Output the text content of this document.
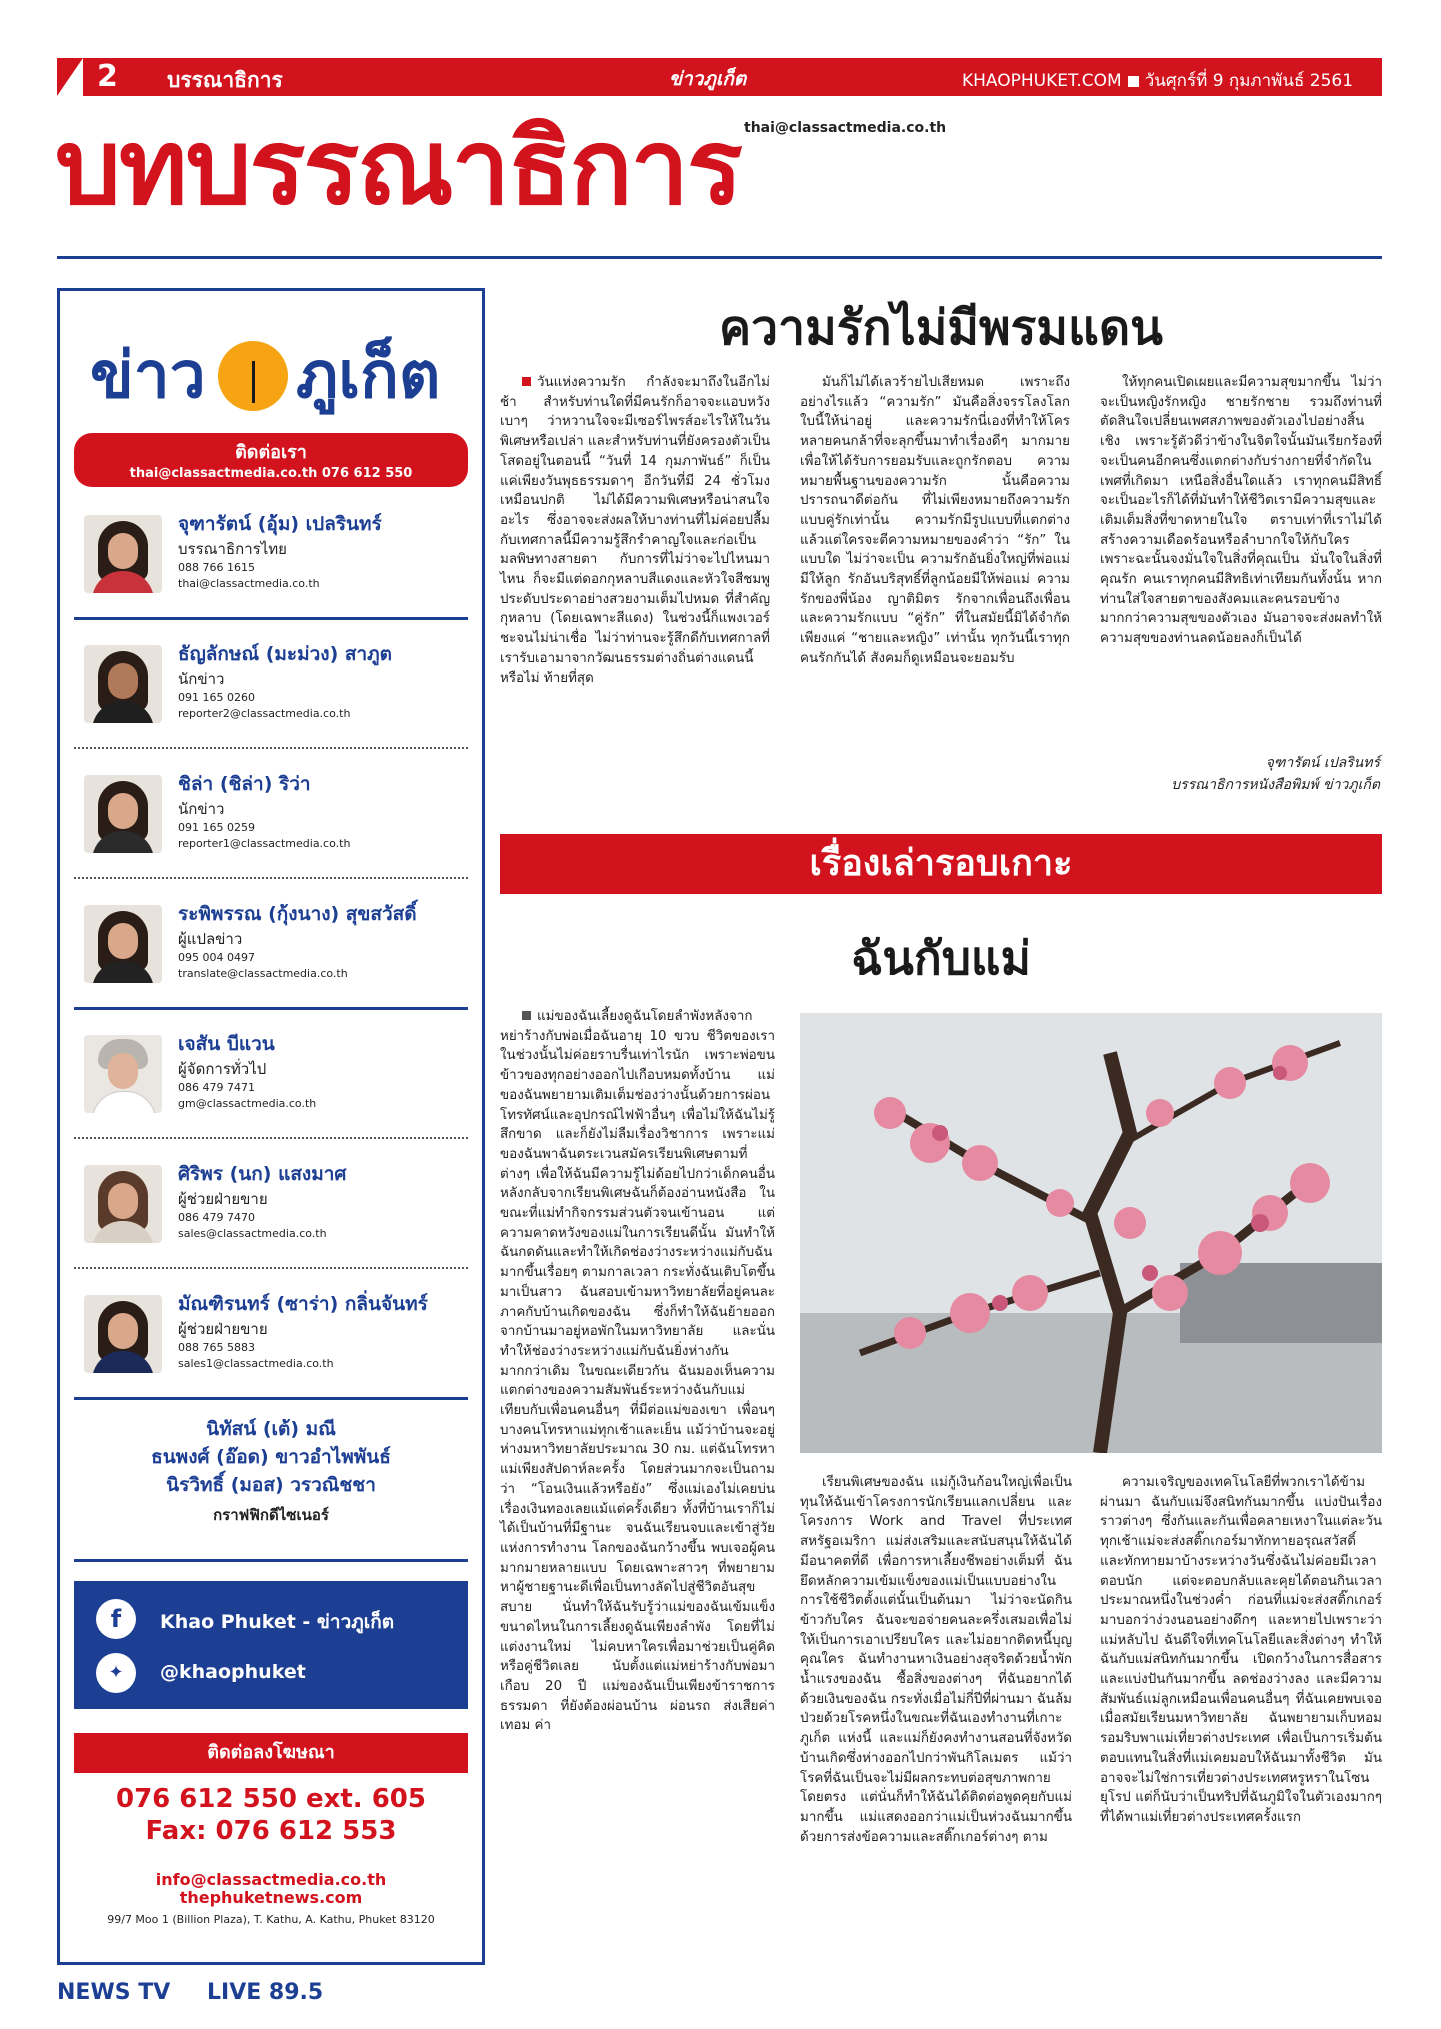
2 บรรณาธิการ	ข่าวภูเก็ต	KHAOPHUKET.COM วันศุกร์ที่ 9 กุมภาพันธ์ 2561
บทบรรณาธิการ thai@classactmedia.co.th
ข่าว ภูเก็ต
ติดต่อเรา
thai@classactmedia.co.th 076 612 550
จุฑารัตน์ (อุ้ม) เปลรินทร์
บรรณาธิการไทย
088 766 1615
thai@classactmedia.co.th
ธัญลักษณ์ (มะม่วง) สาภูต
นักข่าว
091 165 0260
reporter2@classactmedia.co.th
ชิล่า (ชิล่า) ริว่า
นักข่าว
091 165 0259
reporter1@classactmedia.co.th
ระพิพรรณ (กุ้งนาง) สุขสวัสดิ์
ผู้แปลข่าว
095 004 0497
translate@classactmedia.co.th
เจสัน บีแวน
ผู้จัดการทั่วไป
086 479 7471
gm@classactmedia.co.th
ศิริพร (นก) แสงมาศ
ผู้ช่วยฝ่ายขาย
086 479 7470
sales@classactmedia.co.th
มัณฑิรนทร์ (ซาร่า) กลิ่นจันทร์
ผู้ช่วยฝ่ายขาย
088 765 5883
sales1@classactmedia.co.th
นิทัสน์ (เต้) มณี
ธนพงศ์ (อ๊อด) ขาวอำไพพันธ์
นิรวิทธิ์ (มอส) วรวณิชชา
กราฟฟิกดีไซเนอร์
f	Khao Phuket - ข่าวภูเก็ต
✦	@khaophuket
ติดต่อลงโฆษณา
076 612 550 ext. 605
Fax: 076 612 553
info@classactmedia.co.th
thephuketnews.com
99/7 Moo 1 (Billion Plaza), T. Kathu, A. Kathu, Phuket 83120
NEWS TV LIVE 89.5
ความรักไม่มีพรมแดน

วันแห่งความรัก กำลังจะมาถึงในอีกไม่ช้า สำหรับท่านใดที่มีคนรักก็อาจจะแอบหวังเบาๆ ว่าหวานใจจะมีเซอร์ไพรส์อะไรให้ในวันพิเศษหรือเปล่า และสำหรับท่านที่ยังครองตัวเป็นโสดอยู่ในตอนนี้ “วันที่ 14 กุมภาพันธ์” ก็เป็นแค่เพียงวันพุธธรรมดาๆ อีกวันที่มี 24 ชั่วโมงเหมือนปกติ ไม่ได้มีความพิเศษหรือน่าสนใจอะไร ซึ่งอาจจะส่งผลให้บางท่านที่ไม่ค่อยปลื้มกับเทศกาลนี้มีความรู้สึกรำคาญใจและก่อเป็นมลพิษทางสายตา กับการที่ไม่ว่าจะไปไหนมาไหน ก็จะมีแต่ดอกกุหลาบสีแดงและหัวใจสีชมพูประดับประดาอย่างสวยงามเต็มไปหมด ที่สำคัญกุหลาบ (โดยเฉพาะสีแดง) ในช่วงนี้ก็แพงเวอร์ชะจนไม่น่าเชื่อ ไม่ว่าท่านจะรู้สึกดีกับเทศกาลที่เรารับเอามาจากวัฒนธรรมต่างถิ่นต่างแดนนี้หรือไม่ ท้ายที่สุด

มันก็ไม่ได้เลวร้ายไปเสียหมด เพราะถึงอย่างไรแล้ว “ความรัก” มันคือสิ่งจรรโลงโลกใบนี้ให้น่าอยู่ และความรักนี่เองที่ทำให้โครหลายคนกล้าที่จะลุกขึ้นมาทำเรื่องดีๆ มากมายเพื่อให้ได้รับการยอมรับและถูกรักตอบ ความหมายพื้นฐานของความรัก นั้นคือความปรารถนาดีต่อกัน ที่ไม่เพียงหมายถึงความรักแบบคู่รักเท่านั้น ความรักมีรูปแบบที่แตกต่างแล้วแต่ใครจะตีความหมายของคำว่า “รัก” ในแบบใด ไม่ว่าจะเป็น ความรักอันยิ่งใหญ่ที่พ่อแม่มีให้ลูก รักอันบริสุทธิ์ที่ลูกน้อยมีให้พ่อแม่ ความรักของพี่น้อง ญาติมิตร รักจากเพื่อนถึงเพื่อน และความรักแบบ “คู่รัก” ที่ในสมัยนี้มิได้จำกัดเพียงแค่ “ชายและหญิง” เท่านั้น ทุกวันนี้เราทุกคนรักกันได้ สังคมก็ดูเหมือนจะยอมรับ

ให้ทุกคนเปิดเผยและมีความสุขมากขึ้น ไม่ว่าจะเป็นหญิงรักหญิง ชายรักชาย รวมถึงท่านที่ตัดสินใจเปลี่ยนเพศสภาพของตัวเองไปอย่างสิ้นเชิง เพราะรู้ตัวดีว่าข้างในจิตใจนั้นมันเรียกร้องที่จะเป็นคนอีกคนซึ่งแตกต่างกับร่างกายที่จำกัดในเพศที่เกิดมา เหนือสิ่งอื่นใดแล้ว เราทุกคนมีสิทธิ์จะเป็นอะไรก็ได้ที่มันทำให้ชีวิตเรามีความสุขและเติมเต็มสิ่งที่ขาดหายในใจ ตราบเท่าที่เราไม่ได้สร้างความเดือดร้อนหรือลำบากใจให้กับใคร เพราะฉะนั้นจงมั่นใจในสิ่งที่คุณเป็น มั่นใจในสิ่งที่คุณรัก คนเราทุกคนมีสิทธิเท่าเทียมกันทั้งนั้น หากท่านใส่ใจสายตาของสังคมและคนรอบข้างมากกว่าความสุขของตัวเอง มันอาจจะส่งผลทำให้ความสุขของท่านลดน้อยลงก็เป็นได้

จุฑารัตน์ เปลรินทร์
บรรณาธิการหนังสือพิมพ์ ข่าวภูเก็ต
เรื่องเล่ารอบเกาะ
ฉันกับแม่

แม่ของฉันเลี้ยงดูฉันโดยลำพังหลังจากหย่าร้างกับพ่อเมื่อฉันอายุ 10 ขวบ ชีวิตของเราในช่วงนั้นไม่ค่อยราบรื่นเท่าไรนัก เพราะพ่อขนข้าวของทุกอย่างออกไปเกือบหมดทั้งบ้าน แม่ของฉันพยายามเติมเต็มช่องว่างนั้นด้วยการผ่อนโทรทัศน์และอุปกรณ์ไฟฟ้าอื่นๆ เพื่อไม่ให้ฉันไม่รู้สึกขาด และก็ยังไม่ลืมเรื่องวิชาการ เพราะแม่ของฉันพาฉันตระเวนสมัครเรียนพิเศษตามที่ต่างๆ เพื่อให้ฉันมีความรู้ไม่ด้อยไปกว่าเด็กคนอื่น หลังกลับจากเรียนพิเศษฉันก็ต้องอ่านหนังสือ ในขณะที่แม่ทำกิจกรรมส่วนตัวจนเข้านอน แต่ความคาดหวังของแม่ในการเรียนดีนั้น มันทำให้ฉันกดดันและทำให้เกิดช่องว่างระหว่างแม่กับฉันมากขึ้นเรื่อยๆ ตามกาลเวลา กระทั่งฉันเติบโตขึ้นมาเป็นสาว ฉันสอบเข้ามหาวิทยาลัยที่อยู่คนละภาคกับบ้านเกิดของฉัน ซึ่งก็ทำให้ฉันย้ายออกจากบ้านมาอยู่หอพักในมหาวิทยาลัย และนั่นทำให้ช่องว่างระหว่างแม่กับฉันยิ่งห่างกันมากกว่าเดิม ในขณะเดียวกัน ฉันมองเห็นความแตกต่างของความสัมพันธ์ระหว่างฉันกับแม่ เทียบกับเพื่อนคนอื่นๆ ที่มีต่อแม่ของเขา เพื่อนๆ บางคนโทรหาแม่ทุกเช้าและเย็น แม้ว่าบ้านจะอยู่ห่างมหาวิทยาลัยประมาณ 30 กม. แต่ฉันโทรหาแม่เพียงสัปดาห์ละครั้ง โดยส่วนมากจะเป็นถามว่า “โอนเงินแล้วหรือยัง” ซึ่งแม่เองไม่เคยบ่นเรื่องเงินทองเลยแม้แต่ครั้งเดียว ทั้งที่บ้านเราก็ไม่ได้เป็นบ้านที่มีฐานะ จนฉันเรียนจบและเข้าสู่วัยแห่งการทำงาน โลกของฉันกว้างขึ้น พบเจอผู้คนมากมายหลายแบบ โดยเฉพาะสาวๆ ที่พยายามหาผู้ชายฐานะดีเพื่อเป็นทางลัดไปสู่ชีวิตอันสุขสบาย นั่นทำให้ฉันรับรู้ว่าแม่ของฉันเข้มแข็งขนาดไหนในการเลี้ยงดูฉันเพียงลำพัง โดยที่ไม่แต่งงานใหม่ ไม่คบหาใครเพื่อมาช่วยเป็นคู่คิดหรือคู่ชีวิตเลย นับตั้งแต่แม่หย่าร้างกับพ่อมาเกือบ 20 ปี แม่ของฉันเป็นเพียงข้าราชการธรรมดา ที่ยังต้องผ่อนบ้าน ผ่อนรถ ส่งเสียค่าเทอม ค่า

เรียนพิเศษของฉัน แม่กู้เงินก้อนใหญ่เพื่อเป็นทุนให้ฉันเข้าโครงการนักเรียนแลกเปลี่ยน และโครงการ Work and Travel ที่ประเทศสหรัฐอเมริกา แม่ส่งเสริมและสนับสนุนให้ฉันได้มีอนาคตที่ดี เพื่อการหาเลี้ยงชีพอย่างเต็มที่ ฉันยึดหลักความเข้มแข็งของแม่เป็นแบบอย่างในการใช้ชีวิตตั้งแต่นั้นเป็นต้นมา ไม่ว่าจะนัดกินข้าวกับใคร ฉันจะขอจ่ายคนละครึ่งเสมอเพื่อไม่ให้เป็นการเอาเปรียบใคร และไม่อยากติดหนี้บุญคุณใคร ฉันทำงานหาเงินอย่างสุจริตด้วยน้ำพักน้ำแรงของฉัน ซื้อสิ่งของต่างๆ ที่ฉันอยากได้ด้วยเงินของฉัน กระทั่งเมื่อไม่กี่ปีที่ผ่านมา ฉันล้มป่วยด้วยโรคหนึ่งในขณะที่ฉันเองทำงานที่เกาะภูเก็ต แห่งนี้ และแม่ก็ยังคงทำงานสอนที่จังหวัดบ้านเกิดซึ่งห่างออกไปกว่าพันกิโลเมตร แม้ว่าโรคที่ฉันเป็นจะไม่มีผลกระทบต่อสุขภาพกายโดยตรง แต่นั่นก็ทำให้ฉันได้ติดต่อพูดคุยกับแม่มากขึ้น แม่แสดงออกว่าแม่เป็นห่วงฉันมากขึ้นด้วยการส่งข้อความและสติ๊กเกอร์ต่างๆ ตาม

ความเจริญของเทคโนโลยีที่พวกเราได้ข้ามผ่านมา ฉันกับแม่จึงสนิทกันมากขึ้น แบ่งปันเรื่องราวต่างๆ ซึ่งกันและกันเพื่อคลายเหงาในแต่ละวัน ทุกเช้าแม่จะส่งสติ๊กเกอร์มาทักทายอรุณสวัสดิ์ และทักทายมาบ้างระหว่างวันซึ่งฉันไม่ค่อยมีเวลาตอบนัก แต่จะตอบกลับและคุยได้ตอนกินเวลาประมาณหนึ่งในช่วงค่ำ ก่อนที่แม่จะส่งสติ๊กเกอร์มาบอกว่าง่วงนอนอย่างดึกๆ และหายไปเพราะว่าแม่หลับไป ฉันดีใจที่เทคโนโลยีและสิ่งต่างๆ ทำให้ฉันกับแม่สนิทกันมากขึ้น เปิดกว้างในการสื่อสารและแบ่งปันกันมากขึ้น ลดช่องว่างลง และมีความสัมพันธ์แม่ลูกเหมือนเพื่อนคนอื่นๆ ที่ฉันเคยพบเจอเมื่อสมัยเรียนมหาวิทยาลัย ฉันพยายามเก็บหอมรอมริบพาแม่เที่ยวต่างประเทศ เพื่อเป็นการเริ่มต้นตอบแทนในสิ่งที่แม่เคยมอบให้ฉันมาทั้งชีวิต มันอาจจะไม่ใช่การเที่ยวต่างประเทศหรูหราในโซนยุโรป แต่ก็นับว่าเป็นทริปที่ฉันภูมิใจในตัวเองมากๆ ที่ได้พาแม่เที่ยวต่างประเทศครั้งแรก
